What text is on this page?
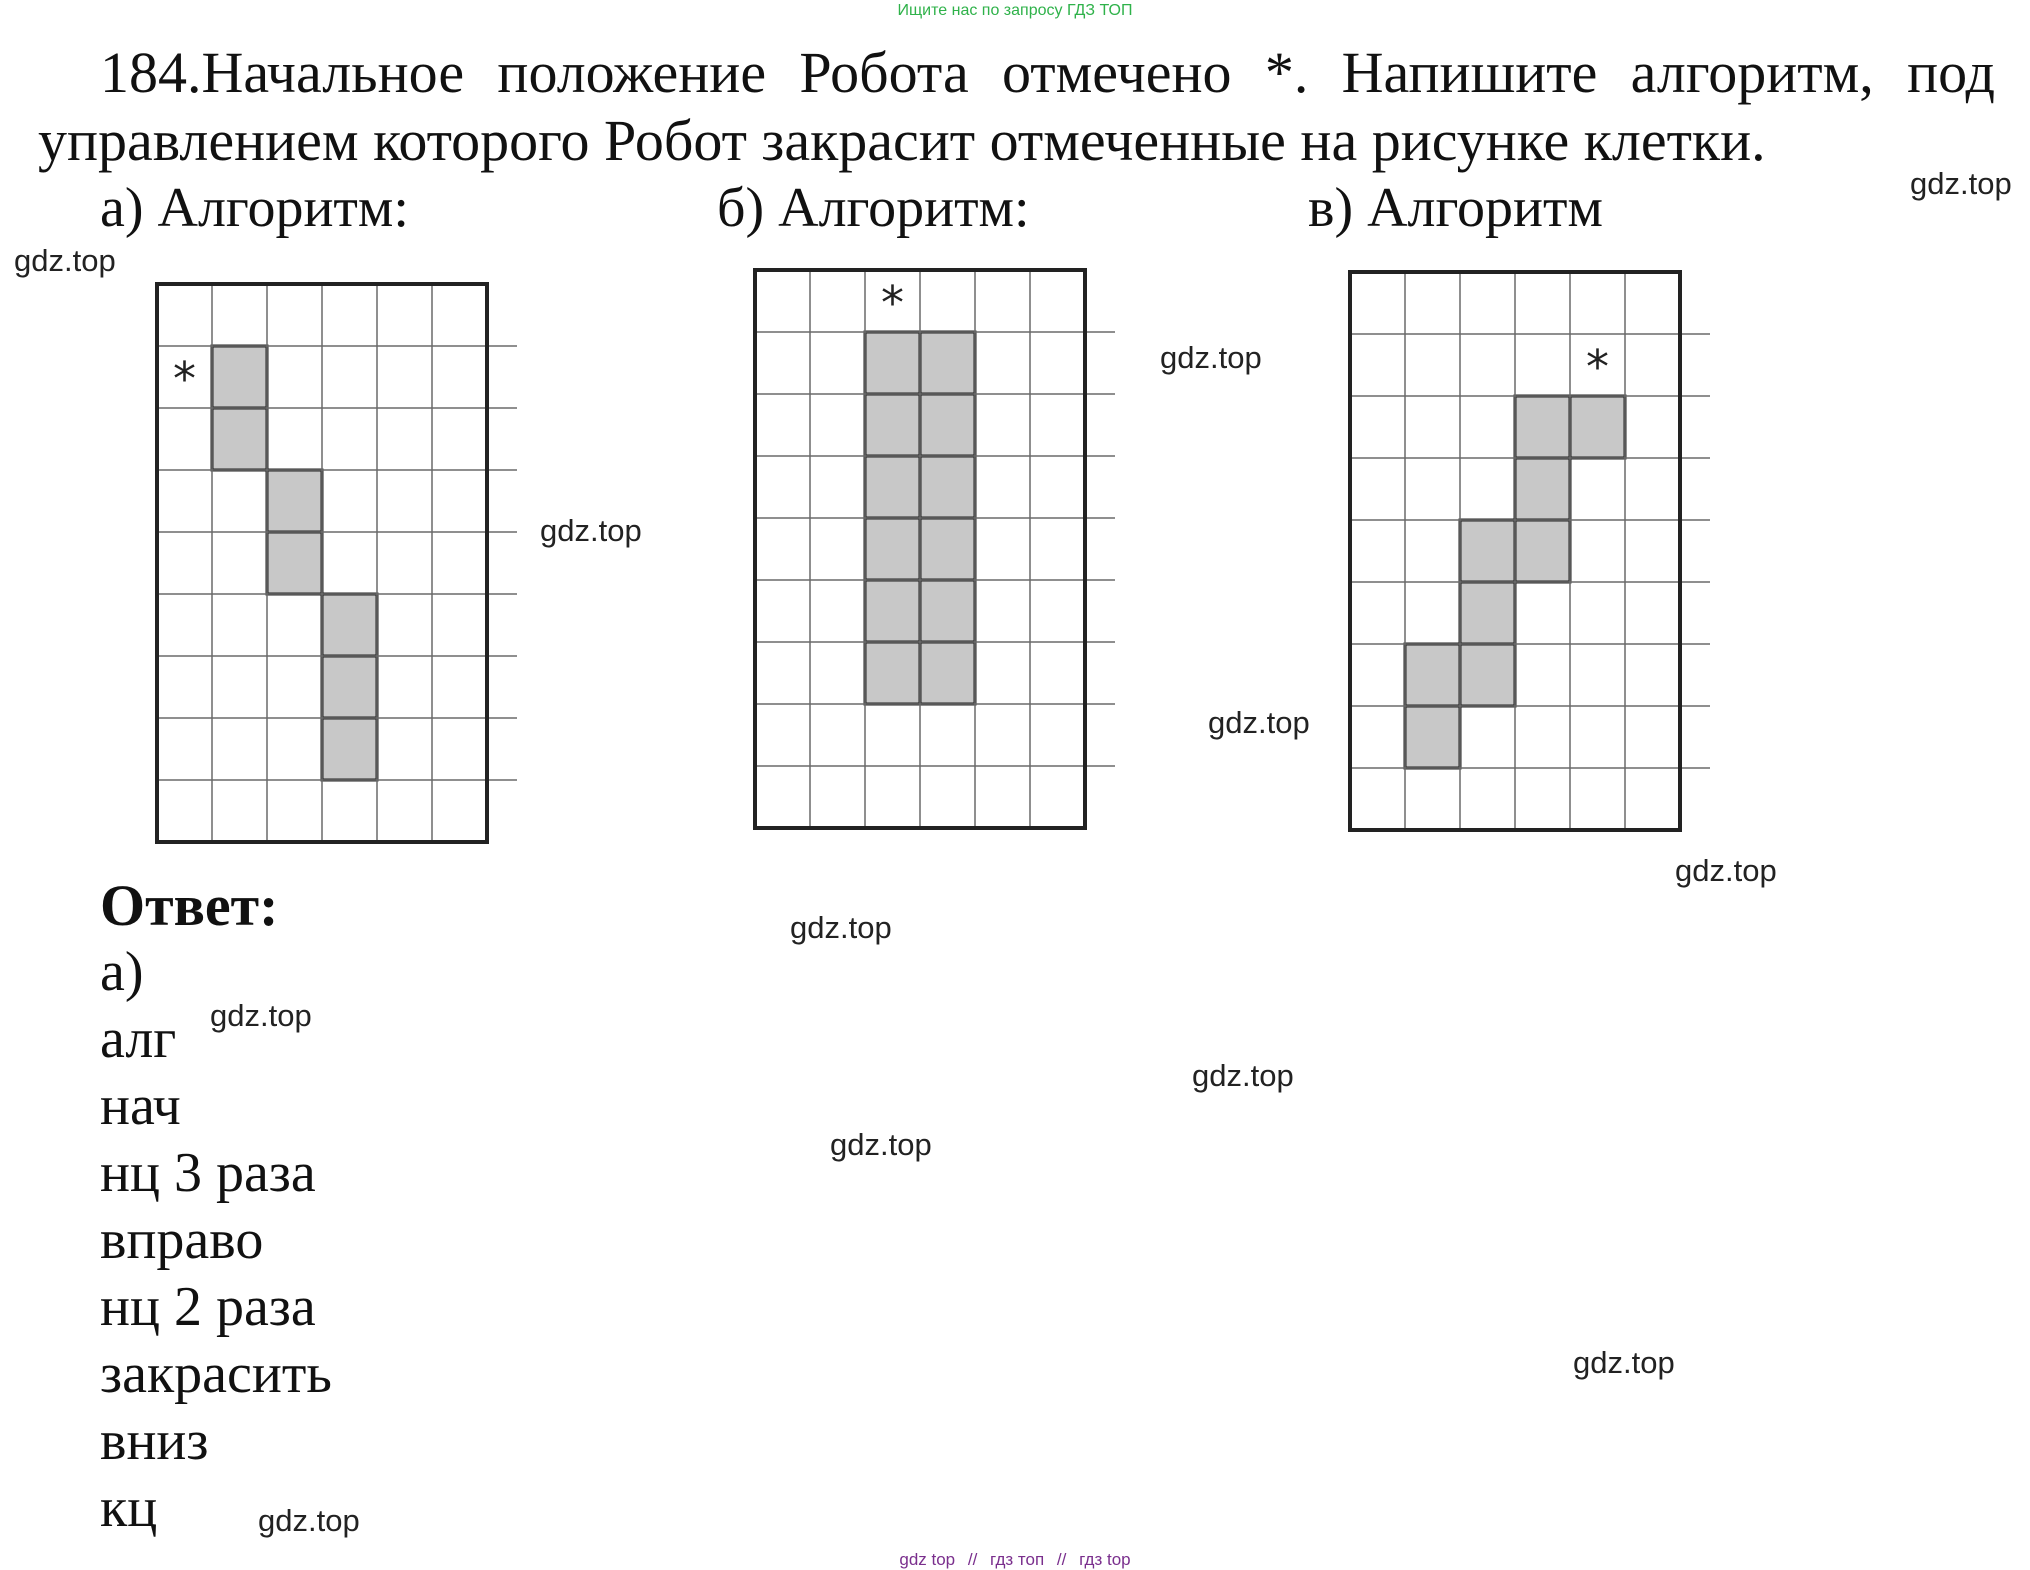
Ищите нас по запросу ГДЗ ТОП
184.Начальное положение Робота отмечено *. Напишите алгоритм, под
управлением которого Робот закрасит отмеченные на рисунке клетки.
а) Алгоритм:	б) Алгоритм:	в) Алгоритм
*
*
*
Ответ:
а)
алг
нач
нц 3 раза
вправо
нц 2 раза
закрасить
вниз
кц
gdz.top
gdz.top
gdz.top
gdz.top
gdz.top
gdz.top
gdz.top
gdz.top
gdz.top
gdz.top
gdz.top
gdz.top
gdz top // гдз топ // гдз top
